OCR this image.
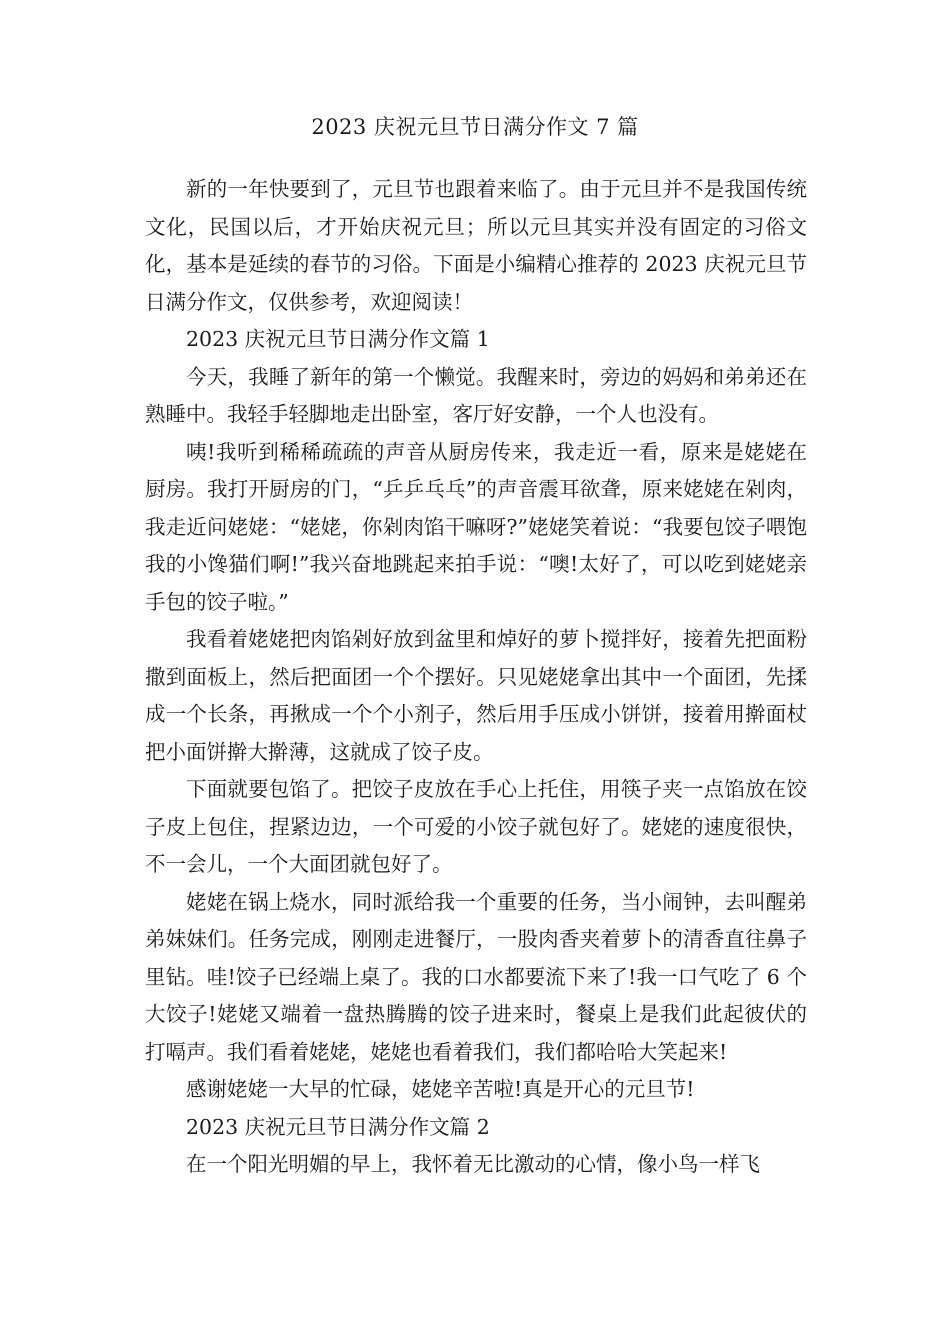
2023 庆祝元旦节日满分作文 7 篇

新的一年快要到了，元旦节也跟着来临了。由于元旦并不是我国传统文化，民国以后，才开始庆祝元旦；所以元旦其实并没有固定的习俗文化，基本是延续的春节的习俗。下面是小编精心推荐的 2023 庆祝元旦节日满分作文，仅供参考，欢迎阅读！

2023 庆祝元旦节日满分作文篇 1

今天，我睡了新年的第一个懒觉。我醒来时，旁边的妈妈和弟弟还在熟睡中。我轻手轻脚地走出卧室，客厅好安静，一个人也没有。

咦!我听到稀稀疏疏的声音从厨房传来，我走近一看，原来是姥姥在厨房。我打开厨房的门，“乒乒乓乓”的声音震耳欲聋，原来姥姥在剁肉，我走近问姥姥：“姥姥，你剁肉馅干嘛呀?”姥姥笑着说：“我要包饺子喂饱我的小馋猫们啊!”我兴奋地跳起来拍手说：“噢!太好了，可以吃到姥姥亲手包的饺子啦。”

我看着姥姥把肉馅剁好放到盆里和焯好的萝卜搅拌好，接着先把面粉撒到面板上，然后把面团一个个摆好。只见姥姥拿出其中一个面团，先揉成一个长条，再揪成一个个小剂子，然后用手压成小饼饼，接着用擀面杖把小面饼擀大擀薄，这就成了饺子皮。

下面就要包馅了。把饺子皮放在手心上托住，用筷子夹一点馅放在饺子皮上包住，捏紧边边，一个可爱的小饺子就包好了。姥姥的速度很快，不一会儿，一个大面团就包好了。

姥姥在锅上烧水，同时派给我一个重要的任务，当小闹钟，去叫醒弟弟妹妹们。任务完成，刚刚走进餐厅，一股肉香夹着萝卜的清香直往鼻子里钻。哇!饺子已经端上桌了。我的口水都要流下来了!我一口气吃了 6 个大饺子!姥姥又端着一盘热腾腾的饺子进来时，餐桌上是我们此起彼伏的打嗝声。我们看着姥姥，姥姥也看着我们，我们都哈哈大笑起来!

感谢姥姥一大早的忙碌，姥姥辛苦啦!真是开心的元旦节!

2023 庆祝元旦节日满分作文篇 2

在一个阳光明媚的早上，我怀着无比激动的心情，像小鸟一样飞
